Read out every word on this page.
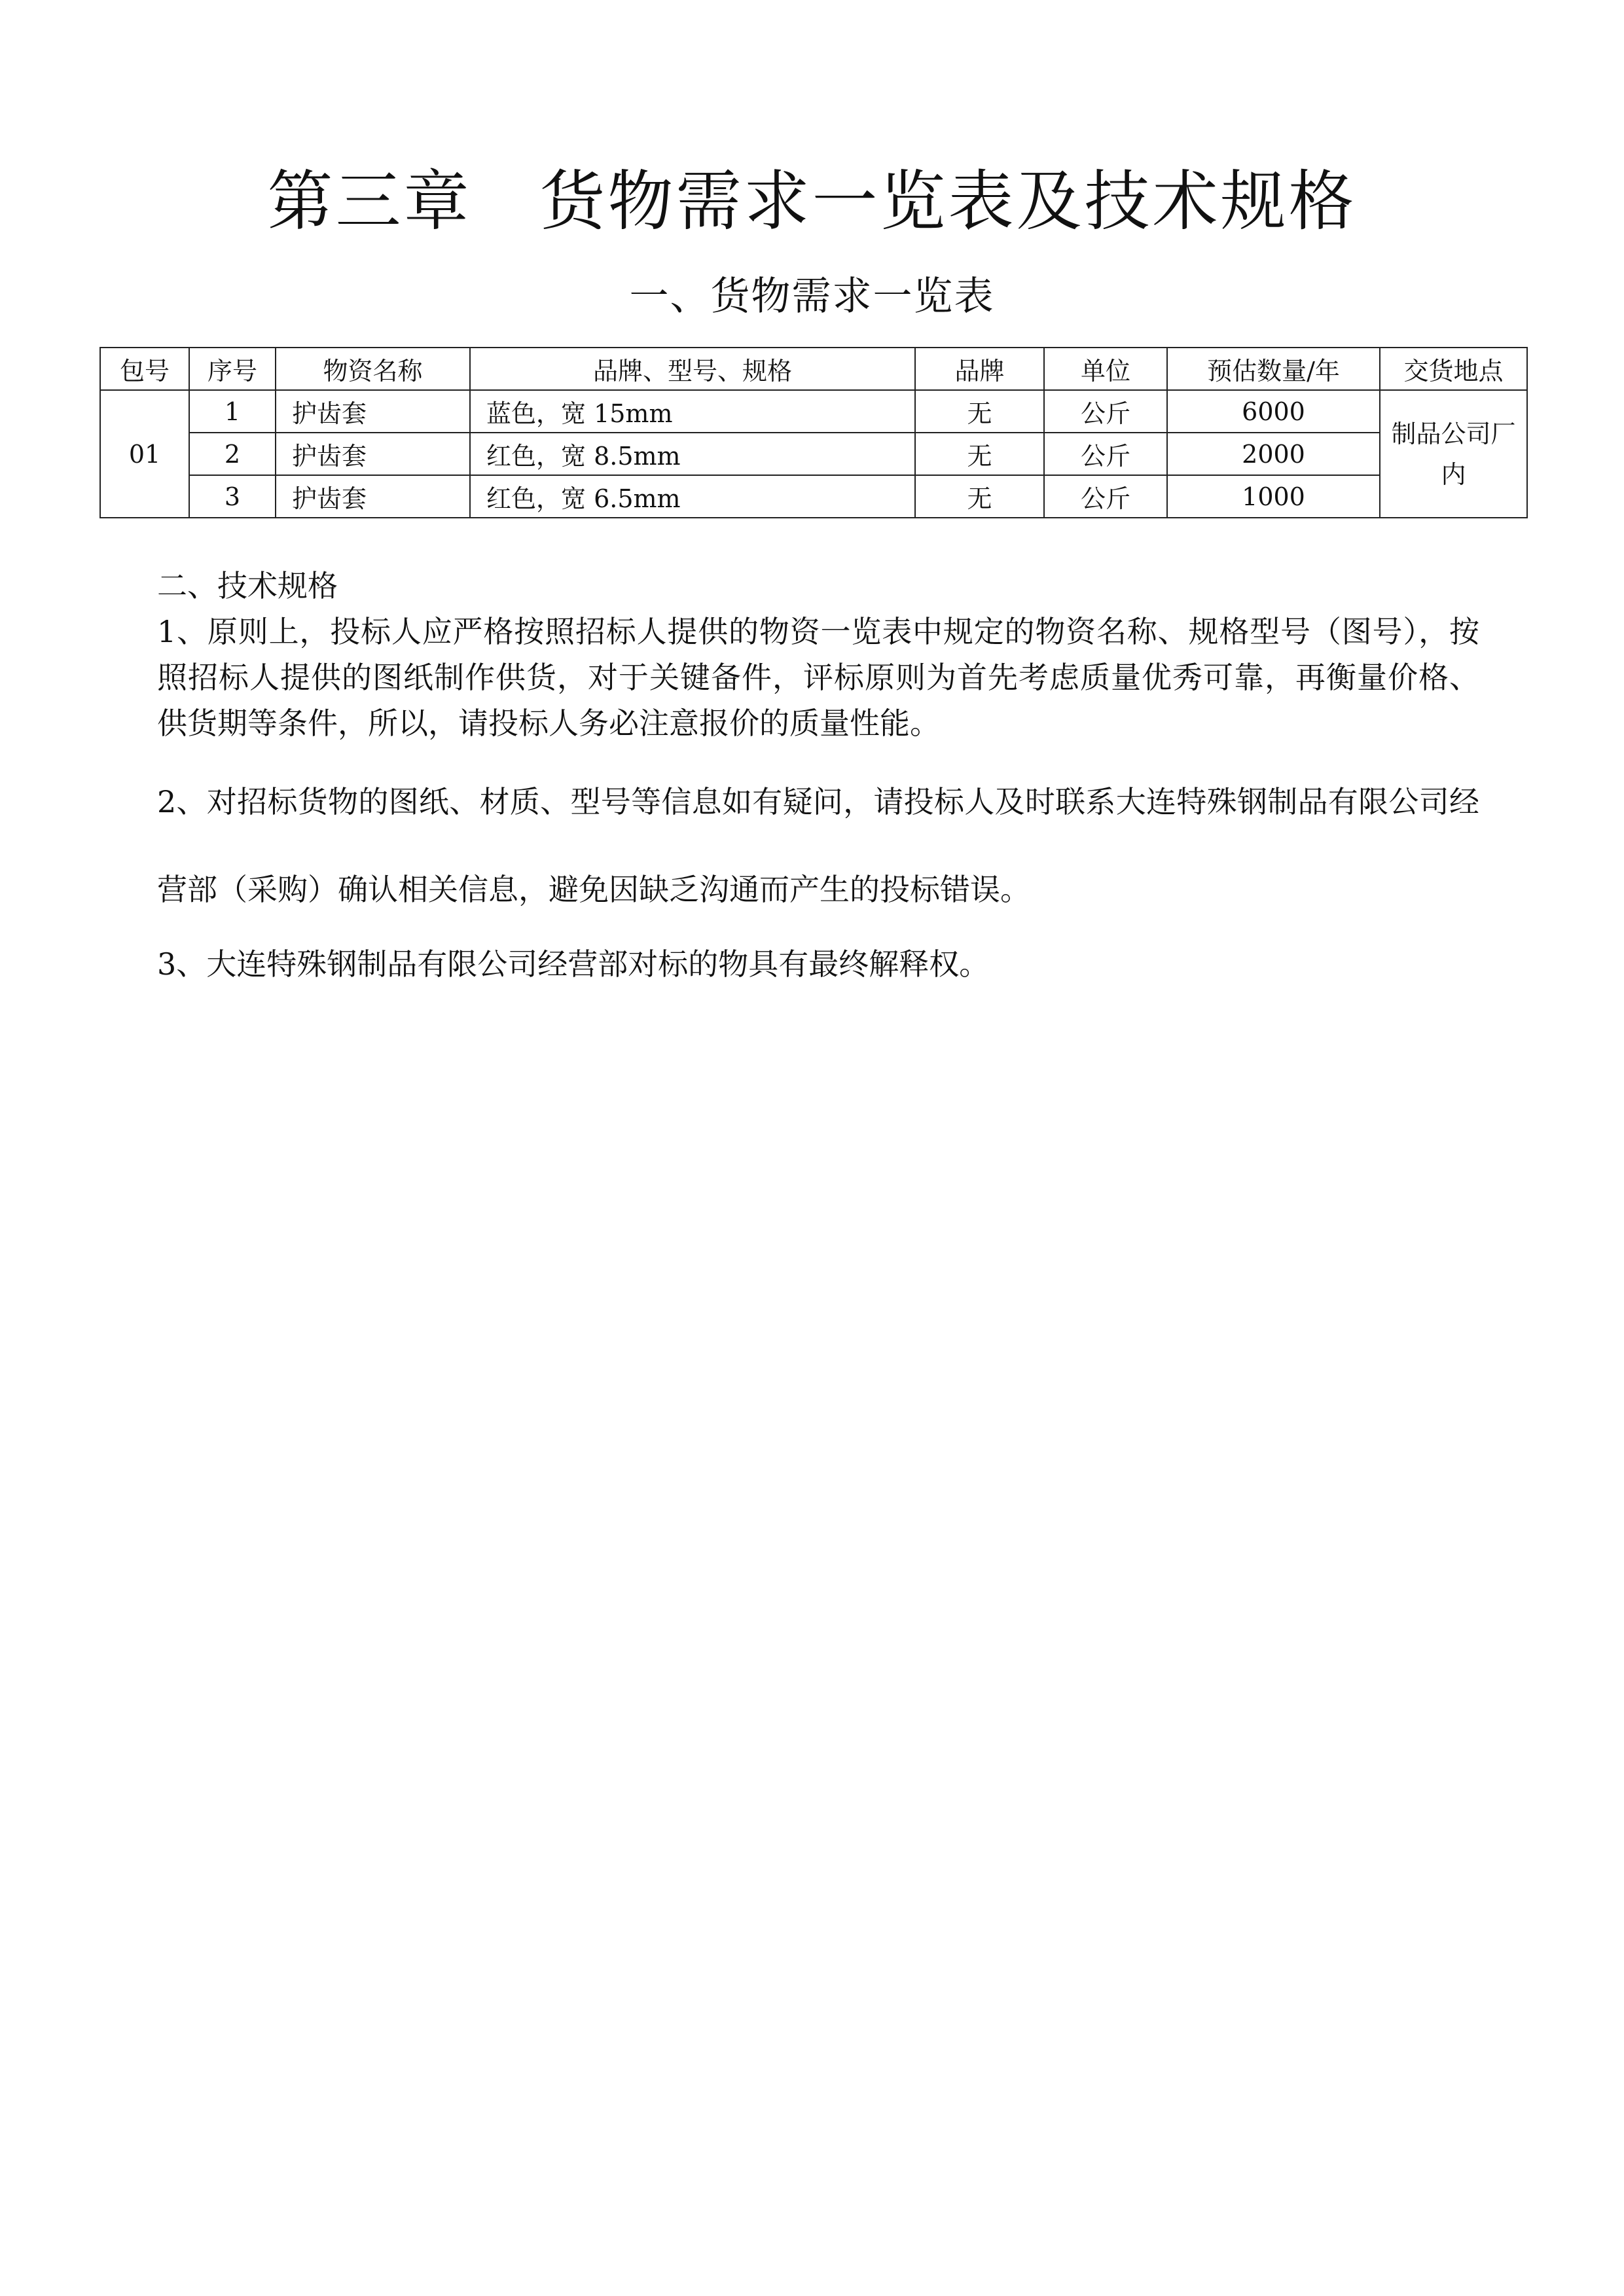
第三章　货物需求一览表及技术规格
一、货物需求一览表
包号	序号	物资名称	品牌、型号、规格	品牌	单位	预估数量/年	交货地点
01	1	护齿套	蓝色，宽 15mm	无	公斤	6000	制品公司厂内
	2	护齿套	红色，宽 8.5mm	无	公斤	2000	
	3	护齿套	红色，宽 6.5mm	无	公斤	1000	

二、技术规格

1、原则上，投标人应严格按照招标人提供的物资一览表中规定的物资名称、规格型号（图号），按照招标人提供的图纸制作供货，对于关键备件，评标原则为首先考虑质量优秀可靠，再衡量价格、供货期等条件，所以，请投标人务必注意报价的质量性能。

2、对招标货物的图纸、材质、型号等信息如有疑问，请投标人及时联系大连特殊钢制品有限公司经营部（采购）确认相关信息，避免因缺乏沟通而产生的投标错误。

3、大连特殊钢制品有限公司经营部对标的物具有最终解释权。
